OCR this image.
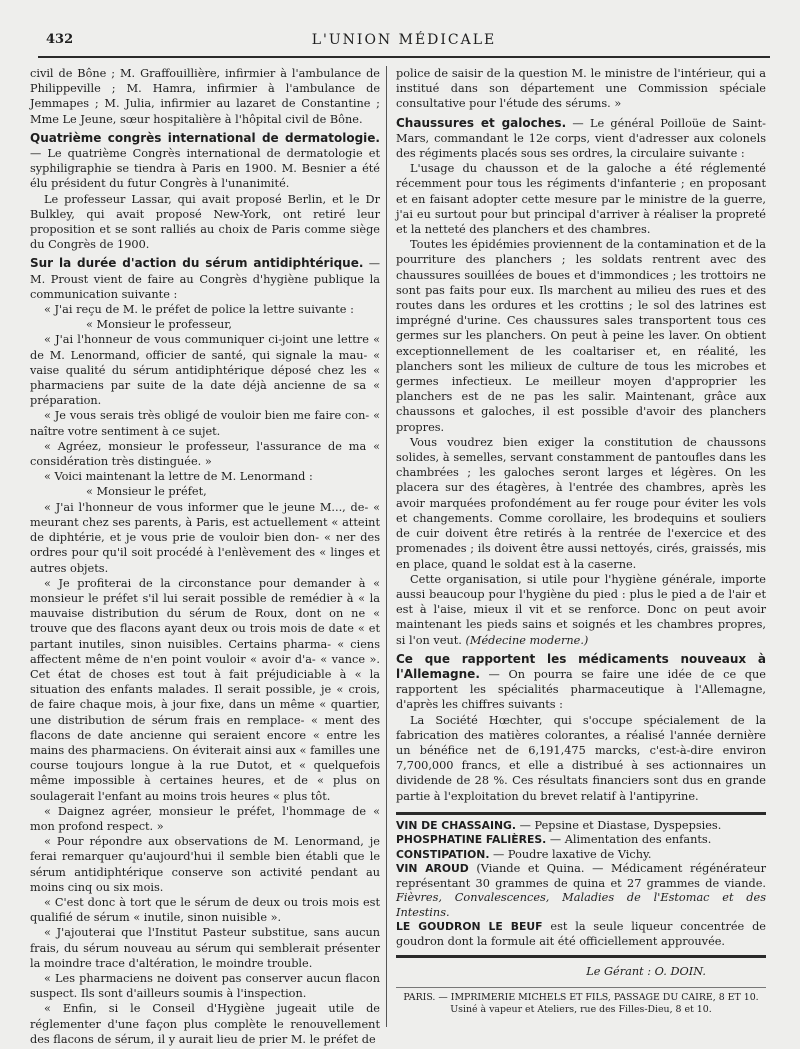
432	L'UNION MÉDICALE

civil de Bône ; M. Graffouillière, infirmier à l'ambulance de Philippeville ; M. Hamra, infirmier à l'ambulance de Jemmapes ; M. Julia, infirmier au lazaret de Constantine ; Mme Le Jeune, sœur hospitalière à l'hôpital civil de Bône.

Quatrième congrès international de dermatologie. — Le quatrième Congrès international de dermatologie et syphiligraphie se tiendra à Paris en 1900. M. Besnier a été élu président du futur Congrès à l'unanimité.

Le professeur Lassar, qui avait proposé Berlin, et le Dr Bulkley, qui avait proposé New-York, ont retiré leur proposition et se sont ralliés au choix de Paris comme siège du Congrès de 1900.

Sur la durée d'action du sérum antidiphtérique. — M. Proust vient de faire au Congrès d'hygiène publique la communication suivante :

« J'ai reçu de M. le préfet de police la lettre suivante :

« Monsieur le professeur,

« J'ai l'honneur de vous communiquer ci-joint une lettre « de M. Lenormand, officier de santé, qui signale la mau- « vaise qualité du sérum antidiphtérique déposé chez les « pharmaciens par suite de la date déjà ancienne de sa « préparation.

« Je vous serais très obligé de vouloir bien me faire con- « naître votre sentiment à ce sujet.

« Agréez, monsieur le professeur, l'assurance de ma « considération très distinguée. »

« Voici maintenant la lettre de M. Lenormand :

« Monsieur le préfet,

« J'ai l'honneur de vous informer que le jeune M..., de- « meurant chez ses parents, à Paris, est actuellement « atteint de diphtérie, et je vous prie de vouloir bien don- « ner des ordres pour qu'il soit procédé à l'enlèvement des « linges et autres objets.

« Je profiterai de la circonstance pour demander à « monsieur le préfet s'il lui serait possible de remédier à « la mauvaise distribution du sérum de Roux, dont on ne « trouve que des flacons ayant deux ou trois mois de date « et partant inutiles, sinon nuisibles. Certains pharma- « ciens affectent même de n'en point vouloir « avoir d'a- « vance ». Cet état de choses est tout à fait préjudiciable à « la situation des enfants malades. Il serait possible, je « crois, de faire chaque mois, à jour fixe, dans un même « quartier, une distribution de sérum frais en remplace- « ment des flacons de date ancienne qui seraient encore « entre les mains des pharmaciens. On éviterait ainsi aux « familles une course toujours longue à la rue Dutot, et « quelquefois même impossible à certaines heures, et de « plus on soulagerait l'enfant au moins trois heures « plus tôt.

« Daignez agréer, monsieur le préfet, l'hommage de « mon profond respect. »

« Pour répondre aux observations de M. Lenormand, je ferai remarquer qu'aujourd'hui il semble bien établi que le sérum antidiphtérique conserve son activité pendant au moins cinq ou six mois.

« C'est donc à tort que le sérum de deux ou trois mois est qualifié de sérum « inutile, sinon nuisible ».

« J'ajouterai que l'Institut Pasteur substitue, sans aucun frais, du sérum nouveau au sérum qui semblerait présenter la moindre trace d'altération, le moindre trouble.

« Les pharmaciens ne doivent pas conserver aucun flacon suspect. Ils sont d'ailleurs soumis à l'inspection.

« Enfin, si le Conseil d'Hygiène jugeait utile de réglementer d'une façon plus complète le renouvellement des flacons de sérum, il y aurait lieu de prier M. le préfet de

police de saisir de la question M. le ministre de l'intérieur, qui a institué dans son département une Commission spéciale consultative pour l'étude des sérums. »

Chaussures et galoches. — Le général Poilloüe de Saint-Mars, commandant le 12e corps, vient d'adresser aux colonels des régiments placés sous ses ordres, la circulaire suivante :

L'usage du chausson et de la galoche a été réglementé récemment pour tous les régiments d'infanterie ; en proposant et en faisant adopter cette mesure par le ministre de la guerre, j'ai eu surtout pour but principal d'arriver à réaliser la propreté et la netteté des planchers et des chambres.

Toutes les épidémies proviennent de la contamination et de la pourriture des planchers ; les soldats rentrent avec des chaussures souillées de boues et d'immondices ; les trottoirs ne sont pas faits pour eux. Ils marchent au milieu des rues et des routes dans les ordures et les crottins ; le sol des latrines est imprégné d'urine. Ces chaussures sales transportent tous ces germes sur les planchers. On peut à peine les laver. On obtient exceptionnellement de les coaltariser et, en réalité, les planchers sont les milieux de culture de tous les microbes et germes infectieux. Le meilleur moyen d'approprier les planchers est de ne pas les salir. Maintenant, grâce aux chaussons et galoches, il est possible d'avoir des planchers propres.

Vous voudrez bien exiger la constitution de chaussons solides, à semelles, servant constamment de pantoufles dans les chambrées ; les galoches seront larges et légères. On les placera sur des étagères, à l'entrée des chambres, après les avoir marquées profondément au fer rouge pour éviter les vols et changements. Comme corollaire, les brodequins et souliers de cuir doivent être retirés à la rentrée de l'exercice et des promenades ; ils doivent être aussi nettoyés, cirés, graissés, mis en place, quand le soldat est à la caserne.

Cette organisation, si utile pour l'hygiène générale, importe aussi beaucoup pour l'hygiène du pied : plus le pied a de l'air et est à l'aise, mieux il vit et se renforce. Donc on peut avoir maintenant les pieds sains et soignés et les chambres propres, si l'on veut. (Médecine moderne.)

Ce que rapportent les médicaments nouveaux à l'Allemagne. — On pourra se faire une idée de ce que rapportent les spécialités pharmaceutique à l'Allemagne, d'après les chiffres suivants :

La Société Hœchter, qui s'occupe spécialement de la fabrication des matières colorantes, a réalisé l'année dernière un bénéfice net de 6,191,475 marcks, c'est-à-dire environ 7,700,000 francs, et elle a distribué à ses actionnaires un dividende de 28 %. Ces résultats financiers sont dus en grande partie à l'exploitation du brevet relatif à l'antipyrine.

VIN DE CHASSAING. — Pepsine et Diastase, Dyspepsies.

PHOSPHATINE FALIÈRES. — Alimentation des enfants.

CONSTIPATION. — Poudre laxative de Vichy.

VIN AROUD (Viande et Quina. — Médicament régénérateur représentant 30 grammes de quina et 27 grammes de viande. Fièvres, Convalescences, Maladies de l'Estomac et des Intestins.

LE GOUDRON LE BEUF est la seule liqueur concentrée de goudron dont la formule ait été officiellement approuvée.

Le Gérant : O. DOIN.
PARIS. — IMPRIMERIE MICHELS ET FILS, PASSAGE DU CAIRE, 8 ET 10.
Usiné à vapeur et Ateliers, rue des Filles-Dieu, 8 et 10.
